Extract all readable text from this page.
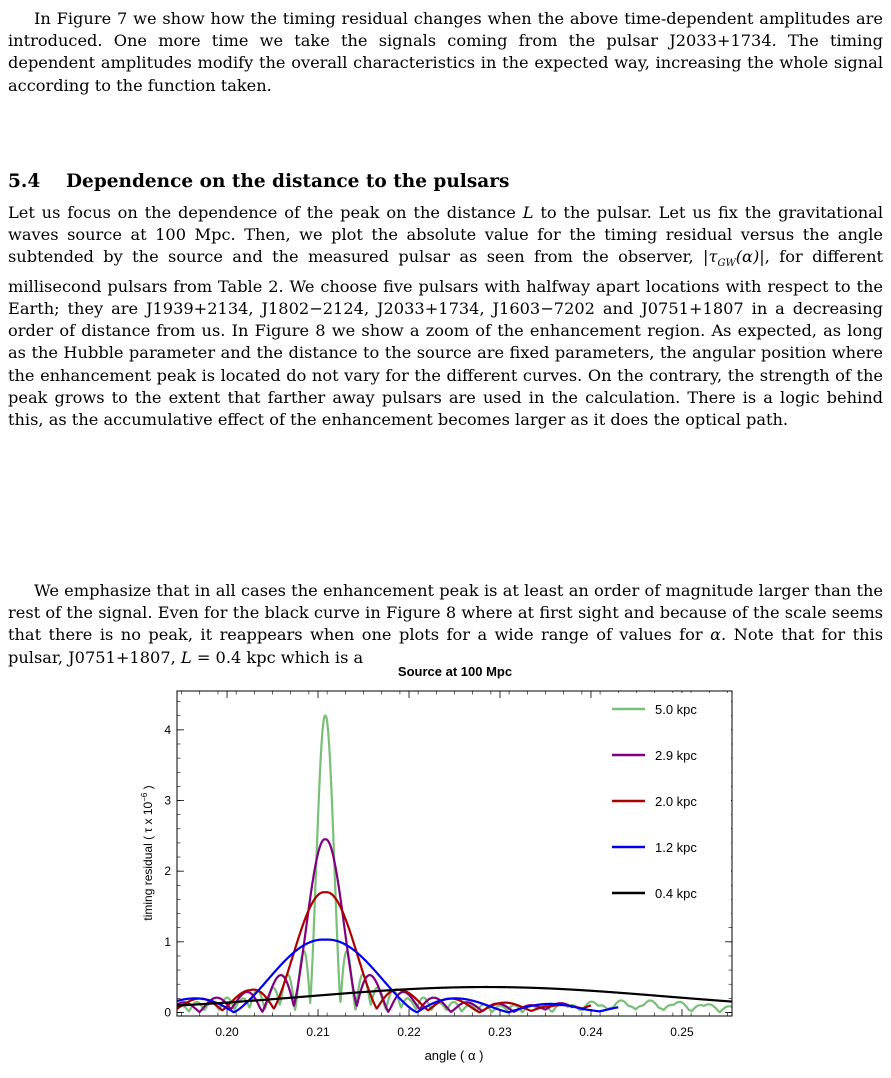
In Figure 7 we show how the timing residual changes when the above time-dependent amplitudes are introduced. One more time we take the signals coming from the pulsar J2033+1734. The timing dependent amplitudes modify the overall characteristics in the expected way, increasing the whole signal according to the function taken.

5.4 Dependence on the distance to the pulsars

Let us focus on the dependence of the peak on the distance L to the pulsar. Let us fix the gravitational waves source at 100 Mpc. Then, we plot the absolute value for the timing residual versus the angle subtended by the source and the measured pulsar as seen from the observer, $|\tau_{GW}(\alpha)|$, for different millisecond pulsars from Table 2. We choose five pulsars with halfway apart locations with respect to the Earth; they are J1939+2134, J1802−2124, J2033+1734, J1603−7202 and J0751+1807 in a decreasing order of distance from us. In Figure 8 we show a zoom of the enhancement region. As expected, as long as the Hubble parameter and the distance to the source are fixed parameters, the angular position where the enhancement peak is located do not vary for the different curves. On the contrary, the strength of the peak grows to the extent that farther away pulsars are used in the calculation. There is a logic behind this, as the accumulative effect of the enhancement becomes larger as it does the optical path.

We emphasize that in all cases the enhancement peak is at least an order of magnitude larger than the rest of the signal. Even for the black curve in Figure 8 where at first sight and because of the scale seems that there is no peak, it reappears when one plots for a wide range of values for α. Note that for this pulsar, J0751+1807, L = 0.4 kpc which is a

Source at 100 Mpc
0.20	0.21	0.22	0.23	0.24	0.25
0
1
2
3
4
angle ( α )
timing residual ( τ x $10^{-6}$ )
5.0 kpc
2.9 kpc
2.0 kpc
1.2 kpc
0.4 kpc
